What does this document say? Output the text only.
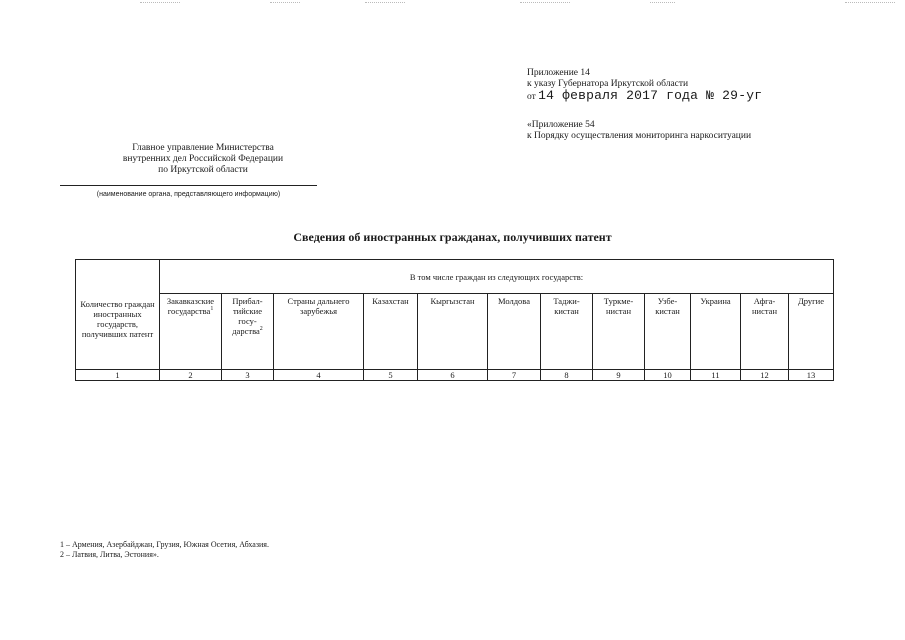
Приложение 14
к указу Губернатора Иркутской области
от 14 февраля 2017 года № 29-уг
«Приложение 54
к Порядку осуществления мониторинга наркоситуации
Главное управление Министерства
внутренних дел Российской Федерации
по Иркутской области
(наименование органа, представляющего информацию)
Сведения об иностранных гражданах, получивших патент
Количество граждан иностранных государств, получивших патент	В том числе граждан из следующих государств:											
	Закавказские государства$^1$	Прибал-тийские госу-дарства$^2$	Страны дальнего зарубежья	Казахстан	Кыргызстан	Молдова	Таджи-кистан	Туркме-нистан	Узбе-кистан	Украина	Афга-нистан	Другие
1	2	3	4	5	6	7	8	9	10	11	12	13
1 – Армения, Азербайджан, Грузия, Южная Осетия, Абхазия.
2 – Латвия, Литва, Эстония».
